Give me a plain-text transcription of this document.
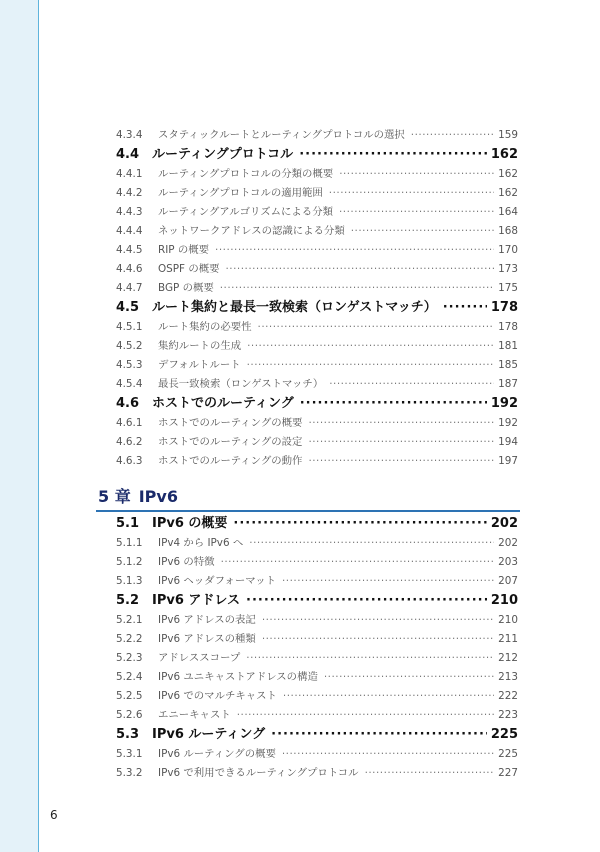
4.3.4	スタティックルートとルーティングプロトコルの選択 ·····	159
4.4 ルーティングプロトコル ·····	162
4.4.1	ルーティングプロトコルの分類の概要 ·····	162
4.4.2	ルーティングプロトコルの適用範囲 ·····	162
4.4.3	ルーティングアルゴリズムによる分類 ·····	164
4.4.4	ネットワークアドレスの認識による分類 ·····	168
4.4.5	RIP の概要 ·····	170
4.4.6	OSPF の概要 ·····	173
4.4.7	BGP の概要 ·····	175
4.5 ルート集約と最長一致検索（ロンゲストマッチ） ·····	178
4.5.1	ルート集約の必要性 ·····	178
4.5.2	集約ルートの生成 ·····	181
4.5.3	デフォルトルート ·····	185
4.5.4	最長一致検索（ロンゲストマッチ） ·····	187
4.6 ホストでのルーティング ·····	192
4.6.1	ホストでのルーティングの概要 ·····	192
4.6.2	ホストでのルーティングの設定 ·····	194
4.6.3	ホストでのルーティングの動作 ·····	197
5 章 IPv6
5.1 IPv6 の概要 ·····	202
5.1.1	IPv4 から IPv6 へ ·····	202
5.1.2	IPv6 の特徴 ·····	203
5.1.3	IPv6 ヘッダフォーマット ·····	207
5.2 IPv6 アドレス ·····	210
5.2.1	IPv6 アドレスの表記 ·····	210
5.2.2	IPv6 アドレスの種類 ·····	211
5.2.3	アドレススコープ ·····	212
5.2.4	IPv6 ユニキャストアドレスの構造 ·····	213
5.2.5	IPv6 でのマルチキャスト ·····	222
5.2.6	エニーキャスト ·····	223
5.3 IPv6 ルーティング ·····	225
5.3.1	IPv6 ルーティングの概要 ·····	225
5.3.2	IPv6 で利用できるルーティングプロトコル ·····	227
6
